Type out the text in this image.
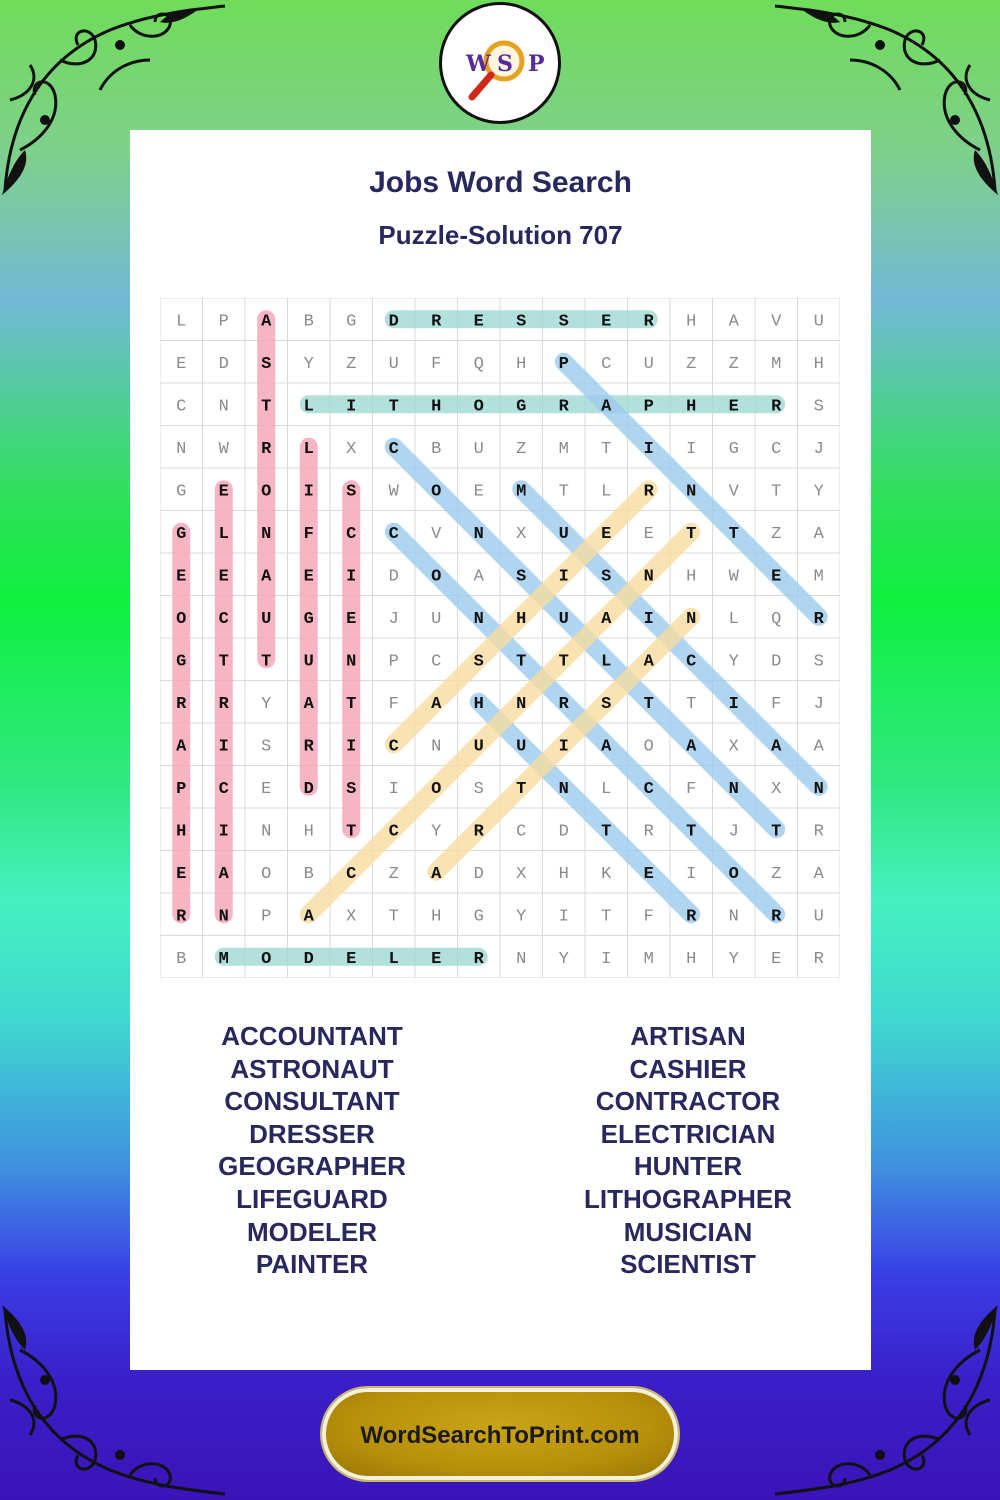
W S P
Jobs Word Search
Puzzle-Solution 707
L P A B G D R E S S E R H A V U
E D S Y Z U F Q H P C U Z Z M H
C N T L I T H O G R A P H E R S
N W R L X C B U Z M T I I G C J
G E O I S W O E M T L R N V T Y
G L N F C C V N X U E E T T Z A
E E A E I D O A S I S N H W E M
O C U G E J U N H U A I N L Q R
G T T U N P C S T T L A C Y D S
R R Y A T F A H N R S T T I F J
A I S R I C N U U I A O A X A A
P C E D S I O S T N L C F N X N
H I N H T C Y R C D T R T J T R
E A O B C Z A D X H K E I O Z A
R N P A X T H G Y I T F R N R U
B M O D E L E R N Y I M H Y E R
ACCOUNTANT
ASTRONAUT
CONSULTANT
DRESSER
GEOGRAPHER
LIFEGUARD
MODELER
PAINTER
ARTISAN
CASHIER
CONTRACTOR
ELECTRICIAN
HUNTER
LITHOGRAPHER
MUSICIAN
SCIENTIST
WordSearchToPrint.com
